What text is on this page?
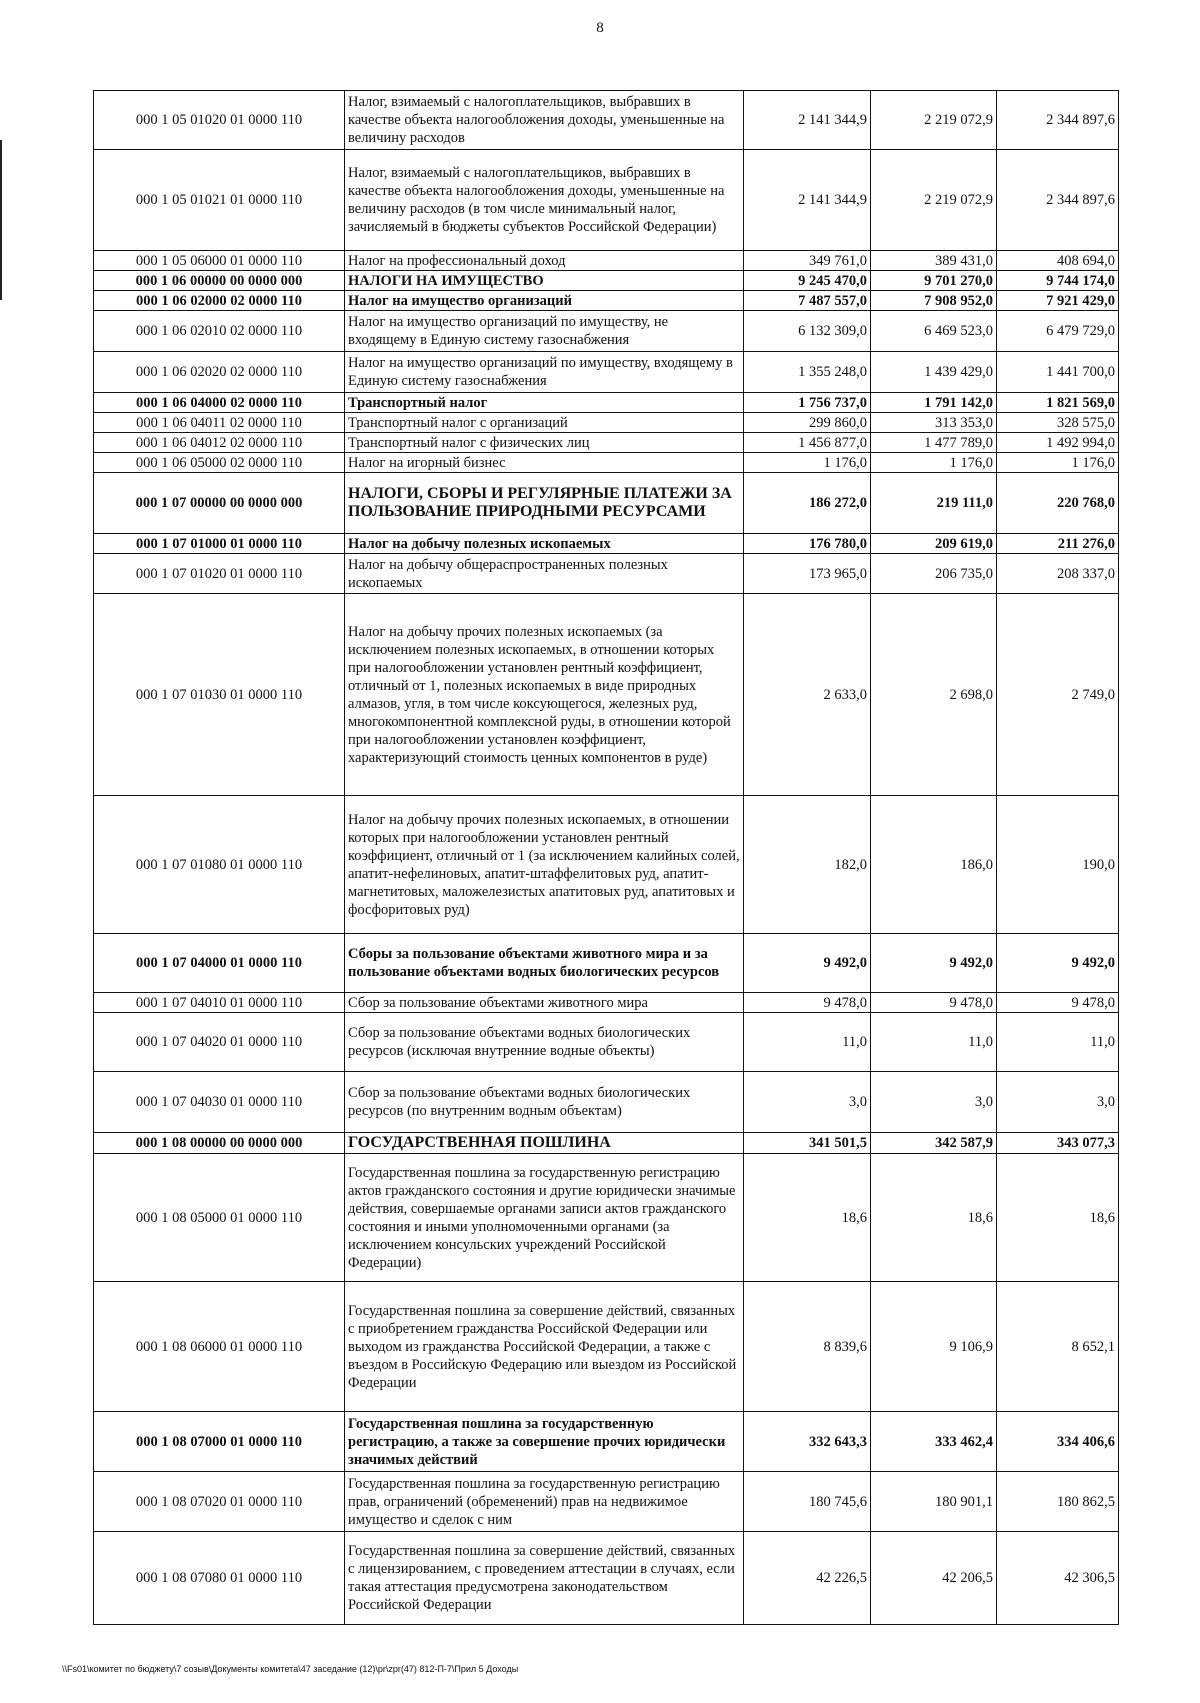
8
000 1 05 01020 01 0000 110	Налог, взимаемый с налогоплательщиков, выбравших в качестве объекта налогообложения доходы, уменьшенные на величину расходов	2 141 344,9	2 219 072,9	2 344 897,6
000 1 05 01021 01 0000 110	Налог, взимаемый с налогоплательщиков, выбравших в качестве объекта налогообложения доходы, уменьшенные на величину расходов (в том числе минимальный налог, зачисляемый в бюджеты субъектов Российской Федерации)	2 141 344,9	2 219 072,9	2 344 897,6
000 1 05 06000 01 0000 110	Налог на профессиональный доход	349 761,0	389 431,0	408 694,0
000 1 06 00000 00 0000 000	НАЛОГИ НА ИМУЩЕСТВО	9 245 470,0	9 701 270,0	9 744 174,0
000 1 06 02000 02 0000 110	Налог на имущество организаций	7 487 557,0	7 908 952,0	7 921 429,0
000 1 06 02010 02 0000 110	Налог на имущество организаций по имуществу, не входящему в Единую систему газоснабжения	6 132 309,0	6 469 523,0	6 479 729,0
000 1 06 02020 02 0000 110	Налог на имущество организаций по имуществу, входящему в Единую систему газоснабжения	1 355 248,0	1 439 429,0	1 441 700,0
000 1 06 04000 02 0000 110	Транспортный налог	1 756 737,0	1 791 142,0	1 821 569,0
000 1 06 04011 02 0000 110	Транспортный налог с организаций	299 860,0	313 353,0	328 575,0
000 1 06 04012 02 0000 110	Транспортный налог с физических лиц	1 456 877,0	1 477 789,0	1 492 994,0
000 1 06 05000 02 0000 110	Налог на игорный бизнес	1 176,0	1 176,0	1 176,0
000 1 07 00000 00 0000 000	НАЛОГИ, СБОРЫ И РЕГУЛЯРНЫЕ ПЛАТЕЖИ ЗА ПОЛЬЗОВАНИЕ ПРИРОДНЫМИ РЕСУРСАМИ	186 272,0	219 111,0	220 768,0
000 1 07 01000 01 0000 110	Налог на добычу полезных ископаемых	176 780,0	209 619,0	211 276,0
000 1 07 01020 01 0000 110	Налог на добычу общераспространенных полезных ископаемых	173 965,0	206 735,0	208 337,0
000 1 07 01030 01 0000 110	Налог на добычу прочих полезных ископаемых (за исключением полезных ископаемых, в отношении которых при налогообложении установлен рентный коэффициент, отличный от 1, полезных ископаемых в виде природных алмазов, угля, в том числе коксующегося, железных руд, многокомпонентной комплексной руды, в отношении которой при налогообложении установлен коэффициент, характеризующий стоимость ценных компонентов в руде)	2 633,0	2 698,0	2 749,0
000 1 07 01080 01 0000 110	Налог на добычу прочих полезных ископаемых, в отношении которых при налогообложении установлен рентный коэффициент, отличный от 1 (за исключением калийных солей, апатит-нефелиновых, апатит-штаффелитовых руд, апатит-магнетитовых, маложелезистых апатитовых руд, апатитовых и фосфоритовых руд)	182,0	186,0	190,0
000 1 07 04000 01 0000 110	Сборы за пользование объектами животного мира и за пользование объектами водных биологических ресурсов	9 492,0	9 492,0	9 492,0
000 1 07 04010 01 0000 110	Сбор за пользование объектами животного мира	9 478,0	9 478,0	9 478,0
000 1 07 04020 01 0000 110	Сбор за пользование объектами водных биологических ресурсов (исключая внутренние водные объекты)	11,0	11,0	11,0
000 1 07 04030 01 0000 110	Сбор за пользование объектами водных биологических ресурсов (по внутренним водным объектам)	3,0	3,0	3,0
000 1 08 00000 00 0000 000	ГОСУДАРСТВЕННАЯ ПОШЛИНА	341 501,5	342 587,9	343 077,3
000 1 08 05000 01 0000 110	Государственная пошлина за государственную регистрацию актов гражданского состояния и другие юридически значимые действия, совершаемые органами записи актов гражданского состояния и иными уполномоченными органами (за исключением консульских учреждений Российской Федерации)	18,6	18,6	18,6
000 1 08 06000 01 0000 110	Государственная пошлина за совершение действий, связанных с приобретением гражданства Российской Федерации или выходом из гражданства Российской Федерации, а также с въездом в Российскую Федерацию или выездом из Российской Федерации	8 839,6	9 106,9	8 652,1
000 1 08 07000 01 0000 110	Государственная пошлина за государственную регистрацию, а также за совершение прочих юридически значимых действий	332 643,3	333 462,4	334 406,6
000 1 08 07020 01 0000 110	Государственная пошлина за государственную регистрацию прав, ограничений (обременений) прав на недвижимое имущество и сделок с ним	180 745,6	180 901,1	180 862,5
000 1 08 07080 01 0000 110	Государственная пошлина за совершение действий, связанных с лицензированием, с проведением аттестации в случаях, если такая аттестация предусмотрена законодательством Российской Федерации	42 226,5	42 206,5	42 306,5
\\Fs01\комитет по бюджету\7 созыв\Документы комитета\47 заседание (12)\pr\zpr(47) 812-П-7\Прил 5 Доходы
